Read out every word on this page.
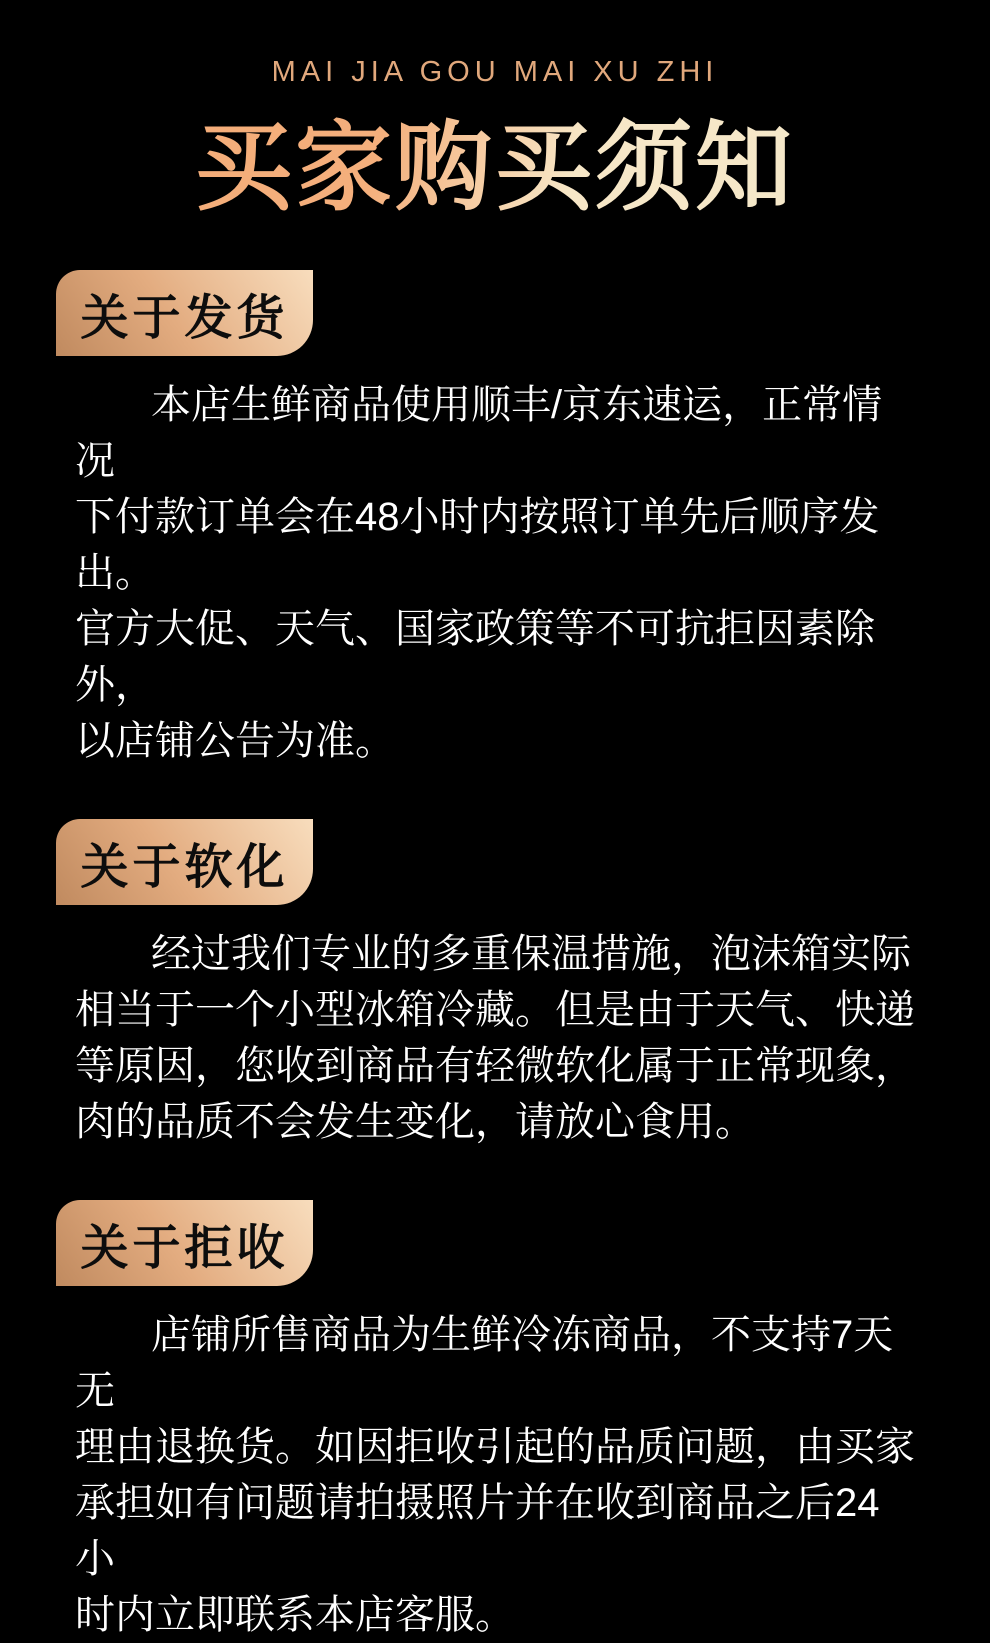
MAI JIA GOU MAI XU ZHI
买家购买须知
关于发货

本店生鲜商品使用顺丰/京东速运，正常情况
下付款订单会在48小时内按照订单先后顺序发出。
官方大促、天气、国家政策等不可抗拒因素除外，
以店铺公告为准。

关于软化

经过我们专业的多重保温措施，泡沫箱实际
相当于一个小型冰箱冷藏。但是由于天气、快递
等原因，您收到商品有轻微软化属于正常现象，
肉的品质不会发生变化，请放心食用。

关于拒收

店铺所售商品为生鲜冷冻商品，不支持7天无
理由退换货。如因拒收引起的品质问题，由买家
承担如有问题请拍摄照片并在收到商品之后24小
时内立即联系本店客服。
